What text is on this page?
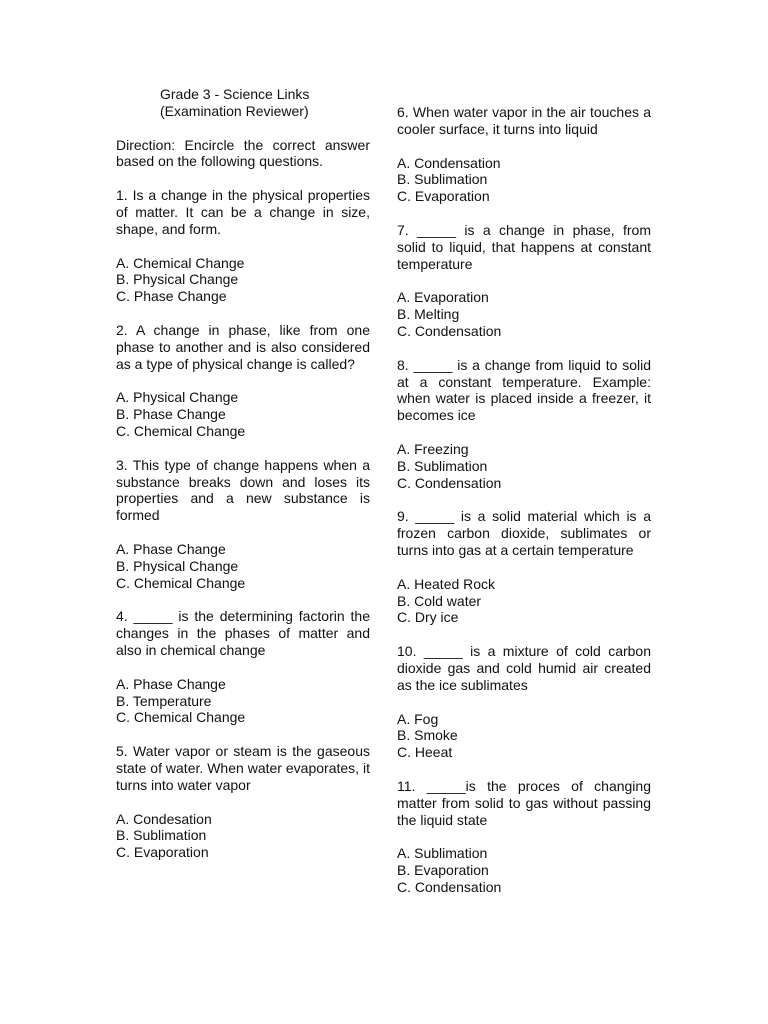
Grade 3 - Science Links
(Examination Reviewer)
Direction: Encircle the correct answer based on the following questions.
1. Is a change in the physical properties of matter. It can be a change in size, shape, and form.
A. Chemical Change
B. Physical Change
C. Phase Change
2. A change in phase, like from one phase to another and is also considered as a type of physical change is called?
A. Physical Change
B. Phase Change
C. Chemical Change
3. This type of change happens when a substance breaks down and loses its properties and a new substance is formed
A. Phase Change
B. Physical Change
C. Chemical Change
4. _____ is the determining factorin the changes in the phases of matter and also in chemical change
A. Phase Change
B. Temperature
C. Chemical Change
5. Water vapor or steam is the gaseous state of water. When water evaporates, it turns into water vapor
A. Condesation
B. Sublimation
C. Evaporation
6. When water vapor in the air touches a cooler surface, it turns into liquid
A. Condensation
B. Sublimation
C. Evaporation
7. _____ is a change in phase, from solid to liquid, that happens at constant temperature
A. Evaporation
B. Melting
C. Condensation
8. _____ is a change from liquid to solid at a constant temperature. Example: when water is placed inside a freezer, it becomes ice
A. Freezing
B. Sublimation
C. Condensation
9. _____ is a solid material which is a frozen carbon dioxide, sublimates or turns into gas at a certain temperature
A. Heated Rock
B. Cold water
C. Dry ice
10. _____ is a mixture of cold carbon dioxide gas and cold humid air created as the ice sublimates
A. Fog
B. Smoke
C. Heeat
11. _____is the proces of changing matter from solid to gas without passing the liquid state
A. Sublimation
B. Evaporation
C. Condensation
